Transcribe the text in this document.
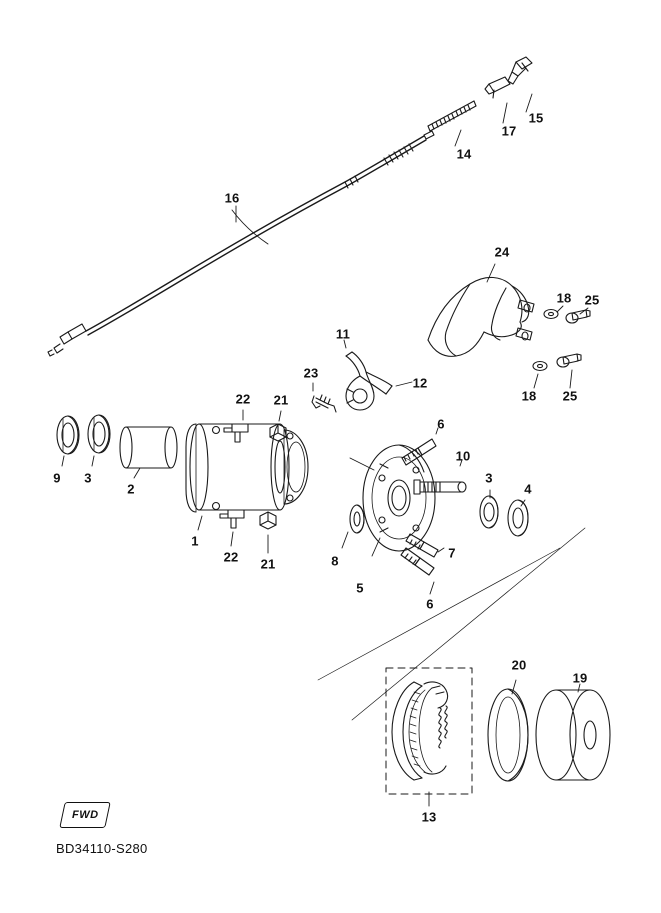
15
17
14
16
24
18 25
11
18 25
12
23
22 21
6
10
3
4
9 3
2
1
22 21	8
5
7
6
20
19
13
FWD
BD34110-S280
